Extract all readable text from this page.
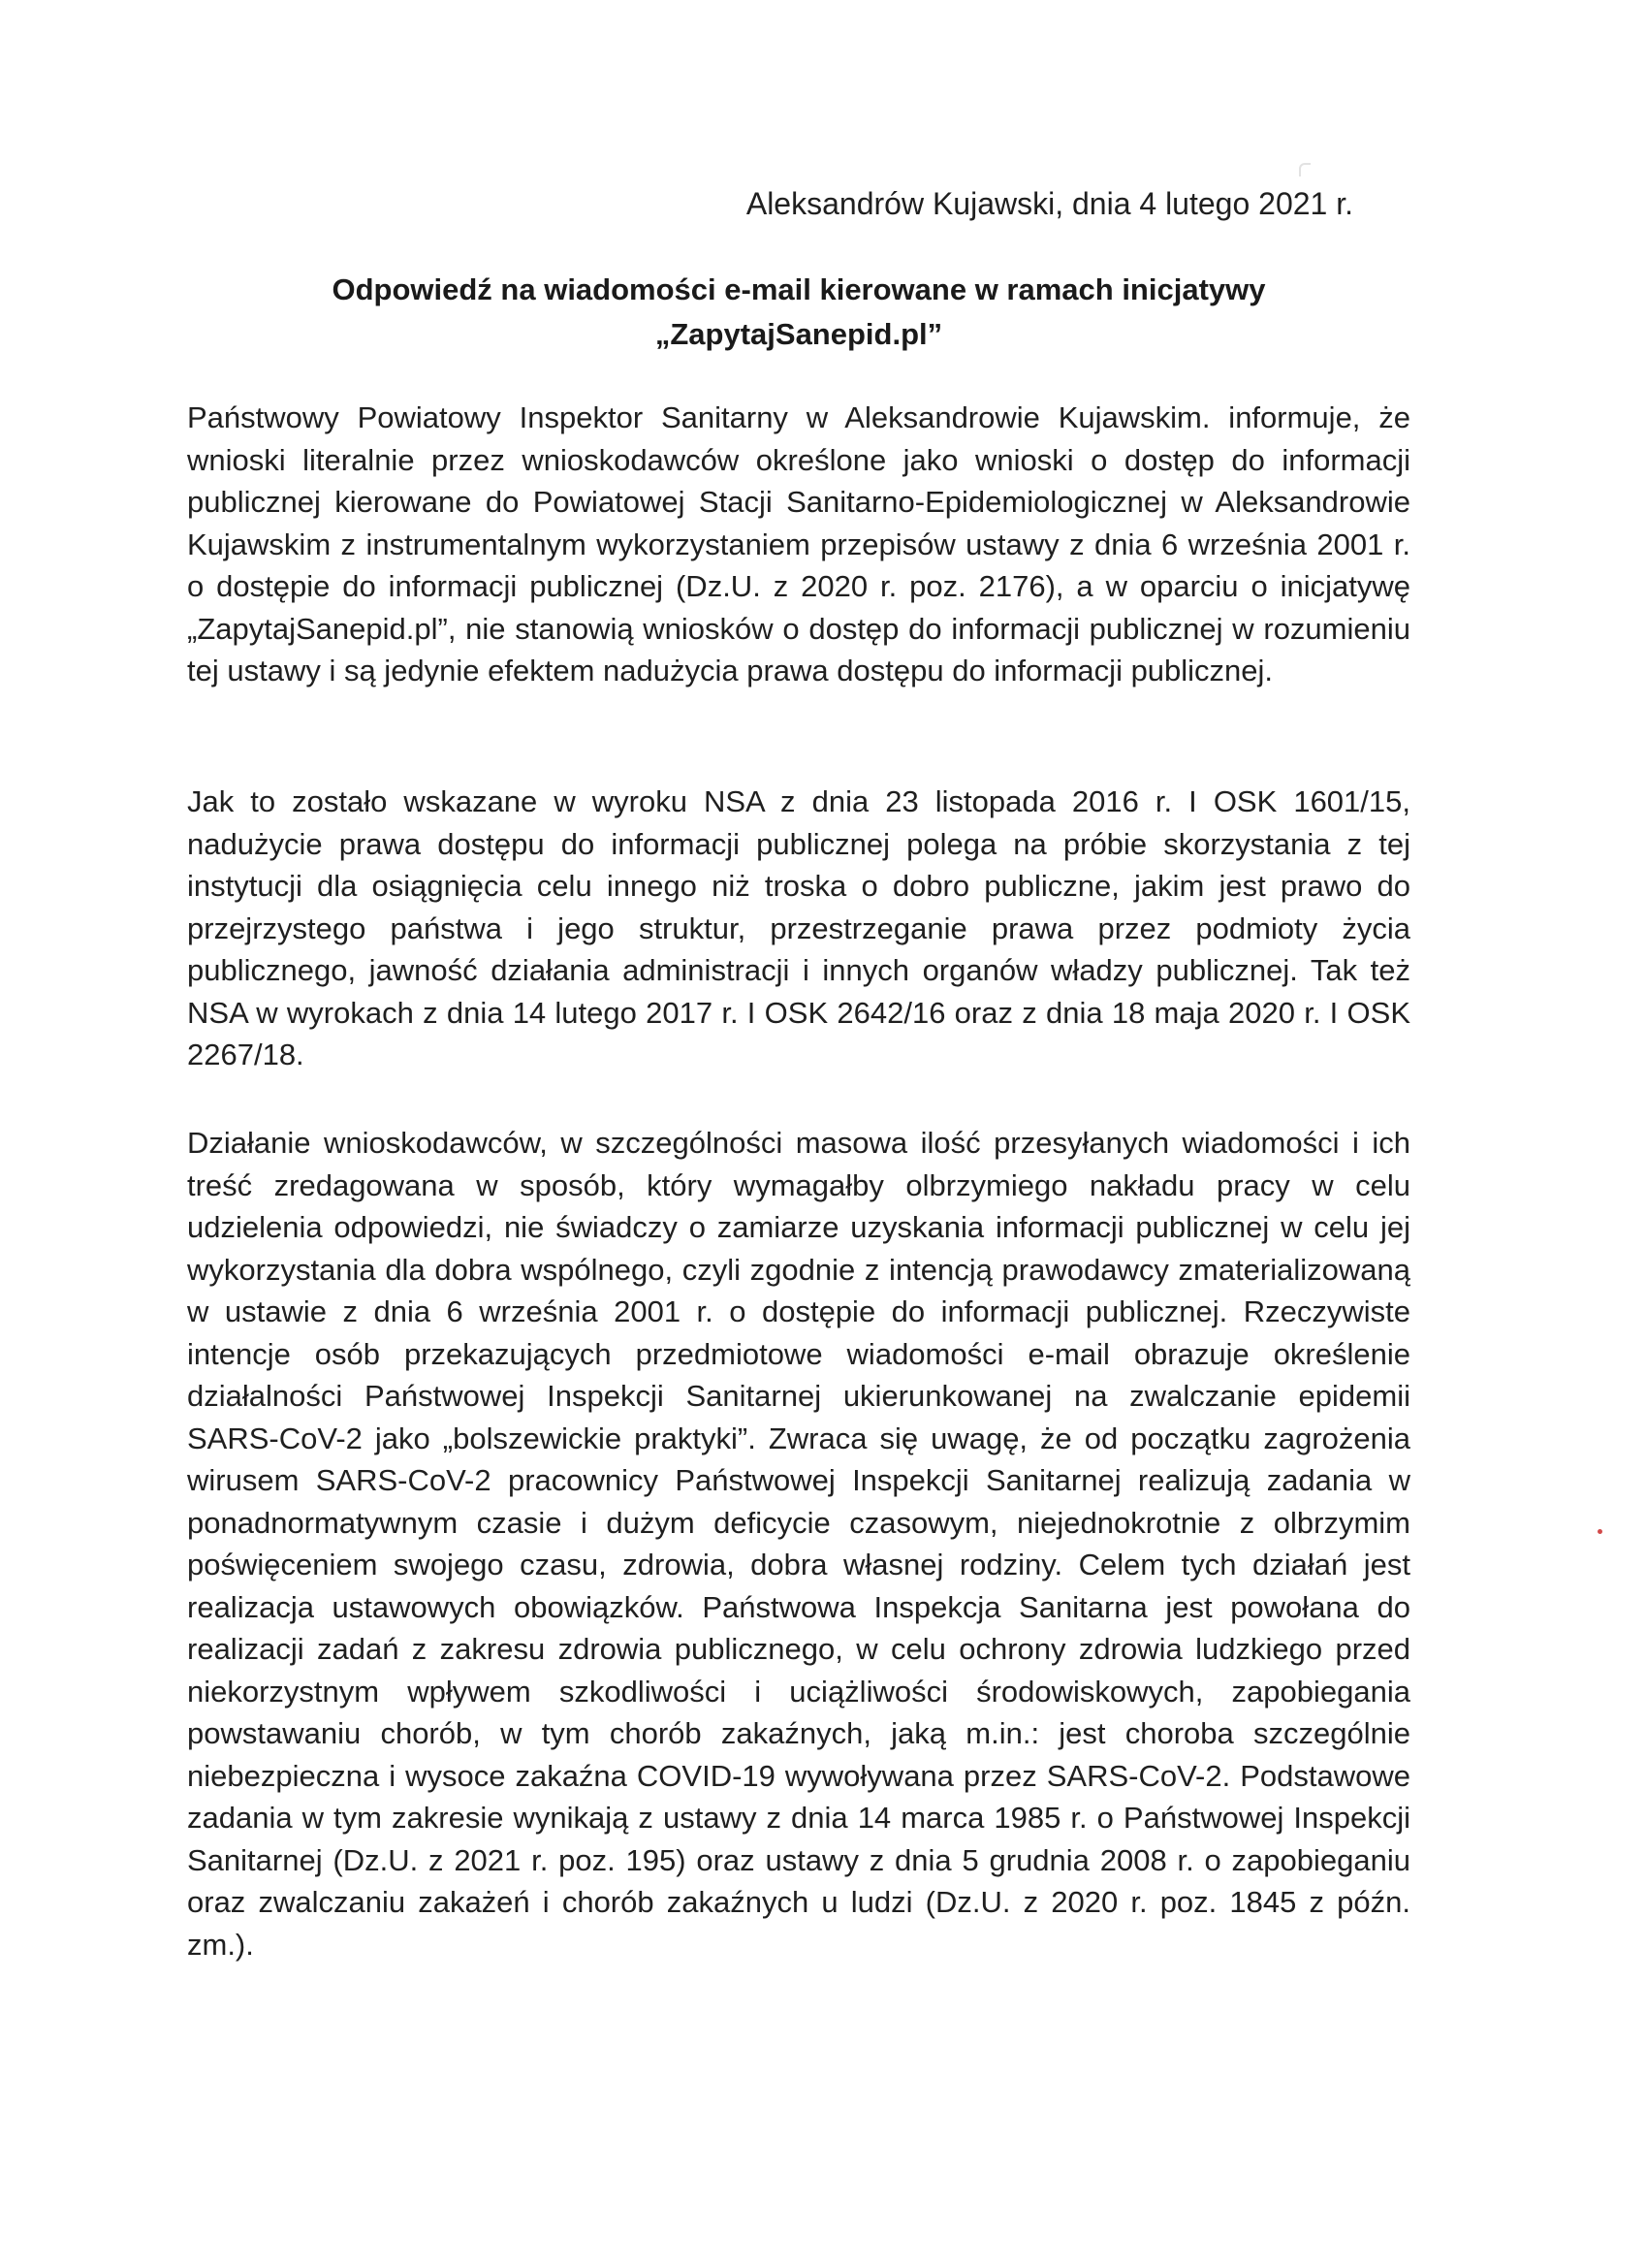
Aleksandrów Kujawski, dnia 4 lutego 2021 r.
Odpowiedź na wiadomości e-mail kierowane w ramach inicjatywy
„ZapytajSanepid.pl”

Państwowy Powiatowy Inspektor Sanitarny w Aleksandrowie Kujawskim. informuje, że wnioski literalnie przez wnioskodawców określone jako wnioski o dostęp do informacji publicznej kierowane do Powiatowej Stacji Sanitarno-Epidemiologicznej w Aleksandrowie Kujawskim z instrumentalnym wykorzystaniem przepisów ustawy z dnia 6 września 2001 r. o dostępie do informacji publicznej (Dz.U. z 2020 r. poz. 2176), a w oparciu o inicjatywę „ZapytajSanepid.pl”, nie stanowią wniosków o dostęp do informacji publicznej w rozumieniu tej ustawy i są jedynie efektem nadużycia prawa dostępu do informacji publicznej.

Jak to zostało wskazane w wyroku NSA z dnia 23 listopada 2016 r. I OSK 1601/15, nadużycie prawa dostępu do informacji publicznej polega na próbie skorzystania z tej instytucji dla osiągnięcia celu innego niż troska o dobro publiczne, jakim jest prawo do przejrzystego państwa i jego struktur, przestrzeganie prawa przez podmioty życia publicznego, jawność działania administracji i innych organów władzy publicznej. Tak też NSA w wyrokach z dnia 14 lutego 2017 r. I OSK 2642/16 oraz z dnia 18 maja 2020 r. I OSK 2267/18.

Działanie wnioskodawców, w szczególności masowa ilość przesyłanych wiadomości i ich treść zredagowana w sposób, który wymagałby olbrzymiego nakładu pracy w celu udzielenia odpowiedzi, nie świadczy o zamiarze uzyskania informacji publicznej w celu jej wykorzystania dla dobra wspólnego, czyli zgodnie z intencją prawodawcy zmaterializowaną w ustawie z dnia 6 września 2001 r. o dostępie do informacji publicznej. Rzeczywiste intencje osób przekazujących przedmiotowe wiadomości e-mail obrazuje określenie działalności Państwowej Inspekcji Sanitarnej ukierunkowanej na zwalczanie epidemii SARS-CoV-2 jako „bolszewickie praktyki”. Zwraca się uwagę, że od początku zagrożenia wirusem SARS-CoV-2 pracownicy Państwowej Inspekcji Sanitarnej realizują zadania w ponadnormatywnym czasie i dużym deficycie czasowym, niejednokrotnie z olbrzymim poświęceniem swojego czasu, zdrowia, dobra własnej rodziny. Celem tych działań jest realizacja ustawowych obowiązków. Państwowa Inspekcja Sanitarna jest powołana do realizacji zadań z zakresu zdrowia publicznego, w celu ochrony zdrowia ludzkiego przed niekorzystnym wpływem szkodliwości i uciążliwości środowiskowych, zapobiegania powstawaniu chorób, w tym chorób zakaźnych, jaką m.in.: jest choroba szczególnie niebezpieczna i wysoce zakaźna COVID-19 wywoływana przez SARS-CoV-2. Podstawowe zadania w tym zakresie wynikają z ustawy z dnia 14 marca 1985 r. o Państwowej Inspekcji Sanitarnej (Dz.U. z 2021 r. poz. 195) oraz ustawy z dnia 5 grudnia 2008 r. o zapobieganiu oraz zwalczaniu zakażeń i chorób zakaźnych u ludzi (Dz.U. z 2020 r. poz. 1845 z późn. zm.).
